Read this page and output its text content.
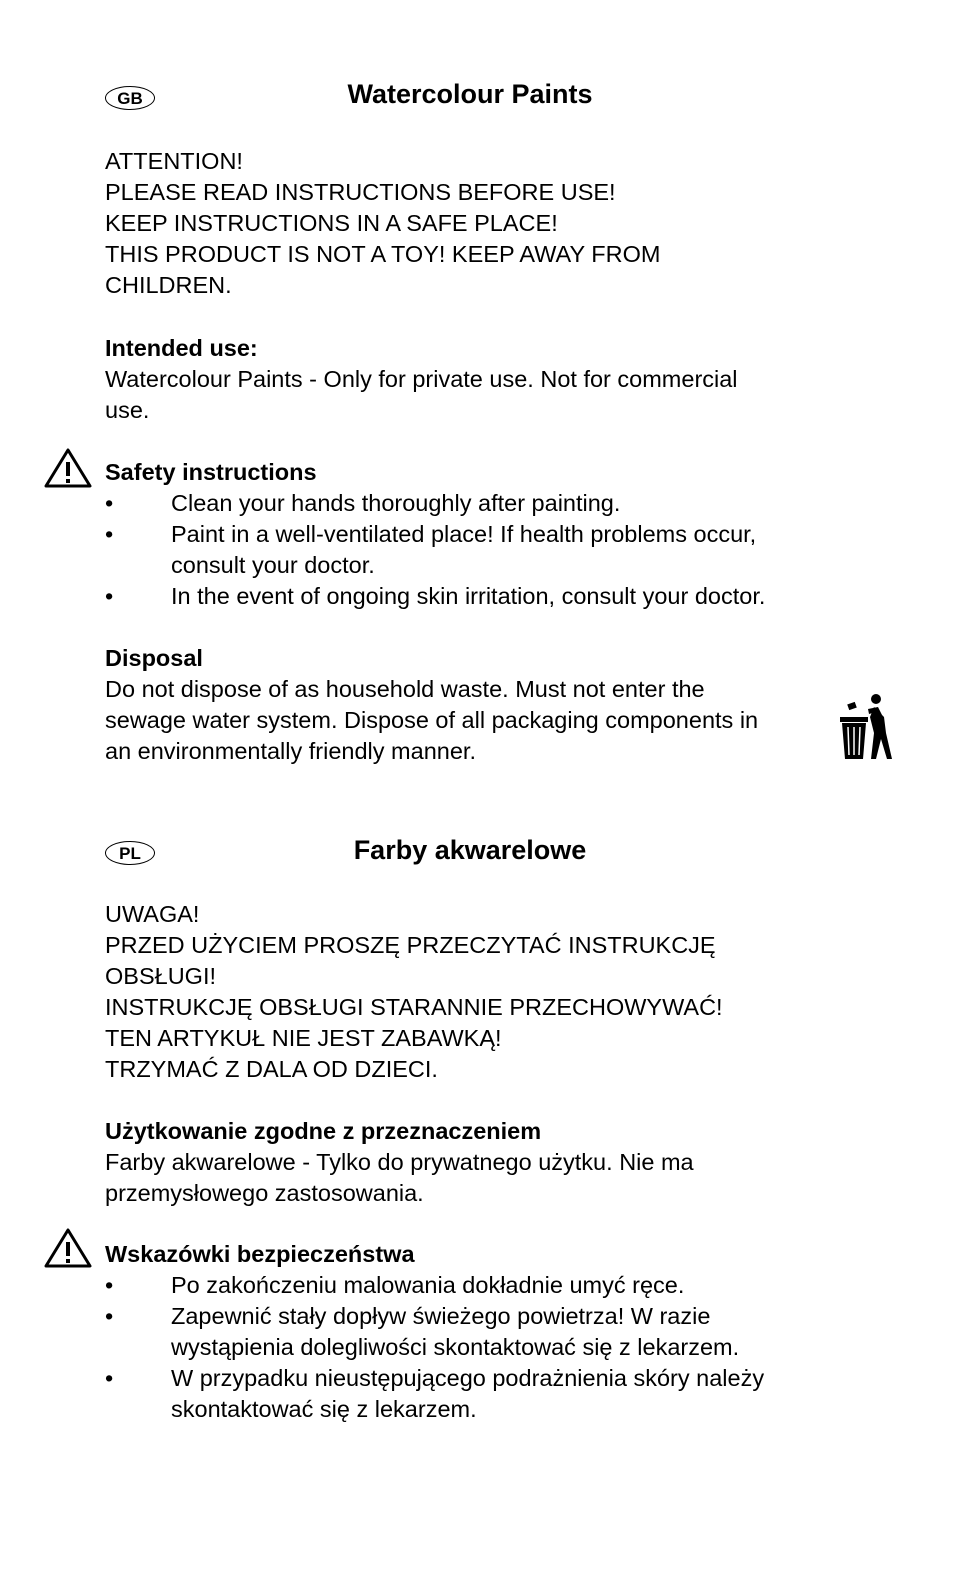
GB	Watercolour Paints
ATTENTION!
PLEASE READ INSTRUCTIONS BEFORE USE!
KEEP INSTRUCTIONS IN A SAFE PLACE!
THIS PRODUCT IS NOT A TOY! KEEP AWAY FROM
CHILDREN.
Intended use:
Watercolour Paints - Only for private use. Not for commercial
use.
Safety instructions
• Clean your hands thoroughly after painting.
• Paint in a well-ventilated place! If health problems occur,
consult your doctor.
• In the event of ongoing skin irritation, consult your doctor.
Disposal
Do not dispose of as household waste. Must not enter the
sewage water system. Dispose of all packaging components in
an environmentally friendly manner.
PL	Farby akwarelowe
UWAGA!
PRZED UŻYCIEM PROSZĘ PRZECZYTAĆ INSTRUKCJĘ
OBSŁUGI!
INSTRUKCJĘ OBSŁUGI STARANNIE PRZECHOWYWAĆ!
TEN ARTYKUŁ NIE JEST ZABAWKĄ!
TRZYMAĆ Z DALA OD DZIECI.
Użytkowanie zgodne z przeznaczeniem
Farby akwarelowe - Tylko do prywatnego użytku. Nie ma
przemysłowego zastosowania.
Wskazówki bezpieczeństwa
• Po zakończeniu malowania dokładnie umyć ręce.
• Zapewnić stały dopływ świeżego powietrza! W razie
wystąpienia dolegliwości skontaktować się z lekarzem.
• W przypadku nieustępującego podrażnienia skóry należy
skontaktować się z lekarzem.
